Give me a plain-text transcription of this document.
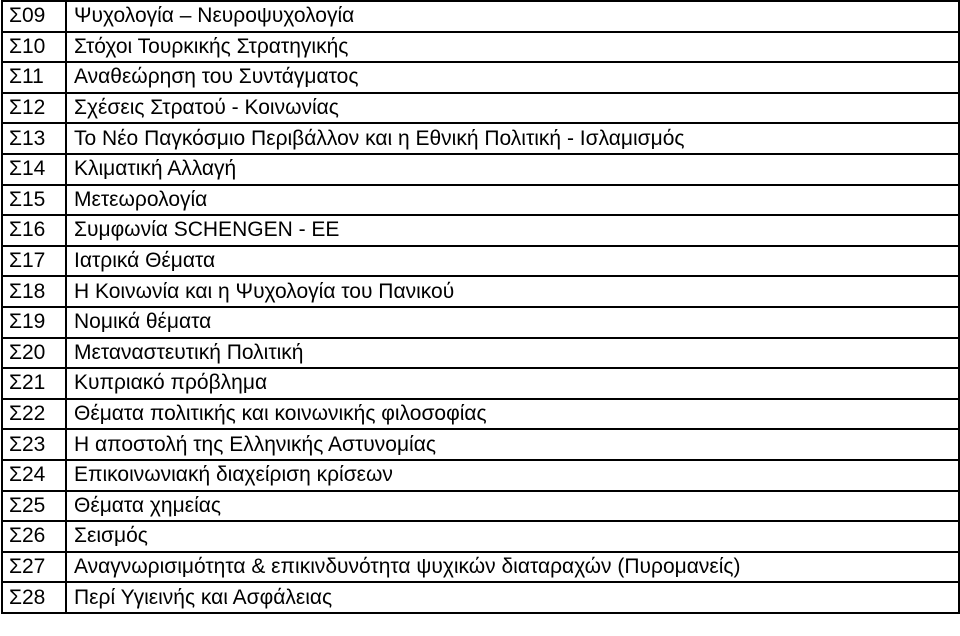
Σ09	Ψυχολογία – Νευροψυχολογία
Σ10	Στόχοι Τουρκικής Στρατηγικής
Σ11	Αναθεώρηση του Συντάγματος
Σ12	Σχέσεις Στρατού - Κοινωνίας
Σ13	Το Νέο Παγκόσμιο Περιβάλλον και η Εθνική Πολιτική - Ισλαμισμός
Σ14	Κλιματική Αλλαγή
Σ15	Μετεωρολογία
Σ16	Συμφωνία SCHENGEN - ΕΕ
Σ17	Ιατρικά Θέματα
Σ18	Η Κοινωνία και η Ψυχολογία του Πανικού
Σ19	Νομικά θέματα
Σ20	Μεταναστευτική Πολιτική
Σ21	Κυπριακό πρόβλημα
Σ22	Θέματα πολιτικής και κοινωνικής φιλοσοφίας
Σ23	Η αποστολή της Ελληνικής Αστυνομίας
Σ24	Επικοινωνιακή διαχείριση κρίσεων
Σ25	Θέματα χημείας
Σ26	Σεισμός
Σ27	Αναγνωρισιμότητα & επικινδυνότητα ψυχικών διαταραχών (Πυρομανείς)
Σ28	Περί Υγιεινής και Ασφάλειας
